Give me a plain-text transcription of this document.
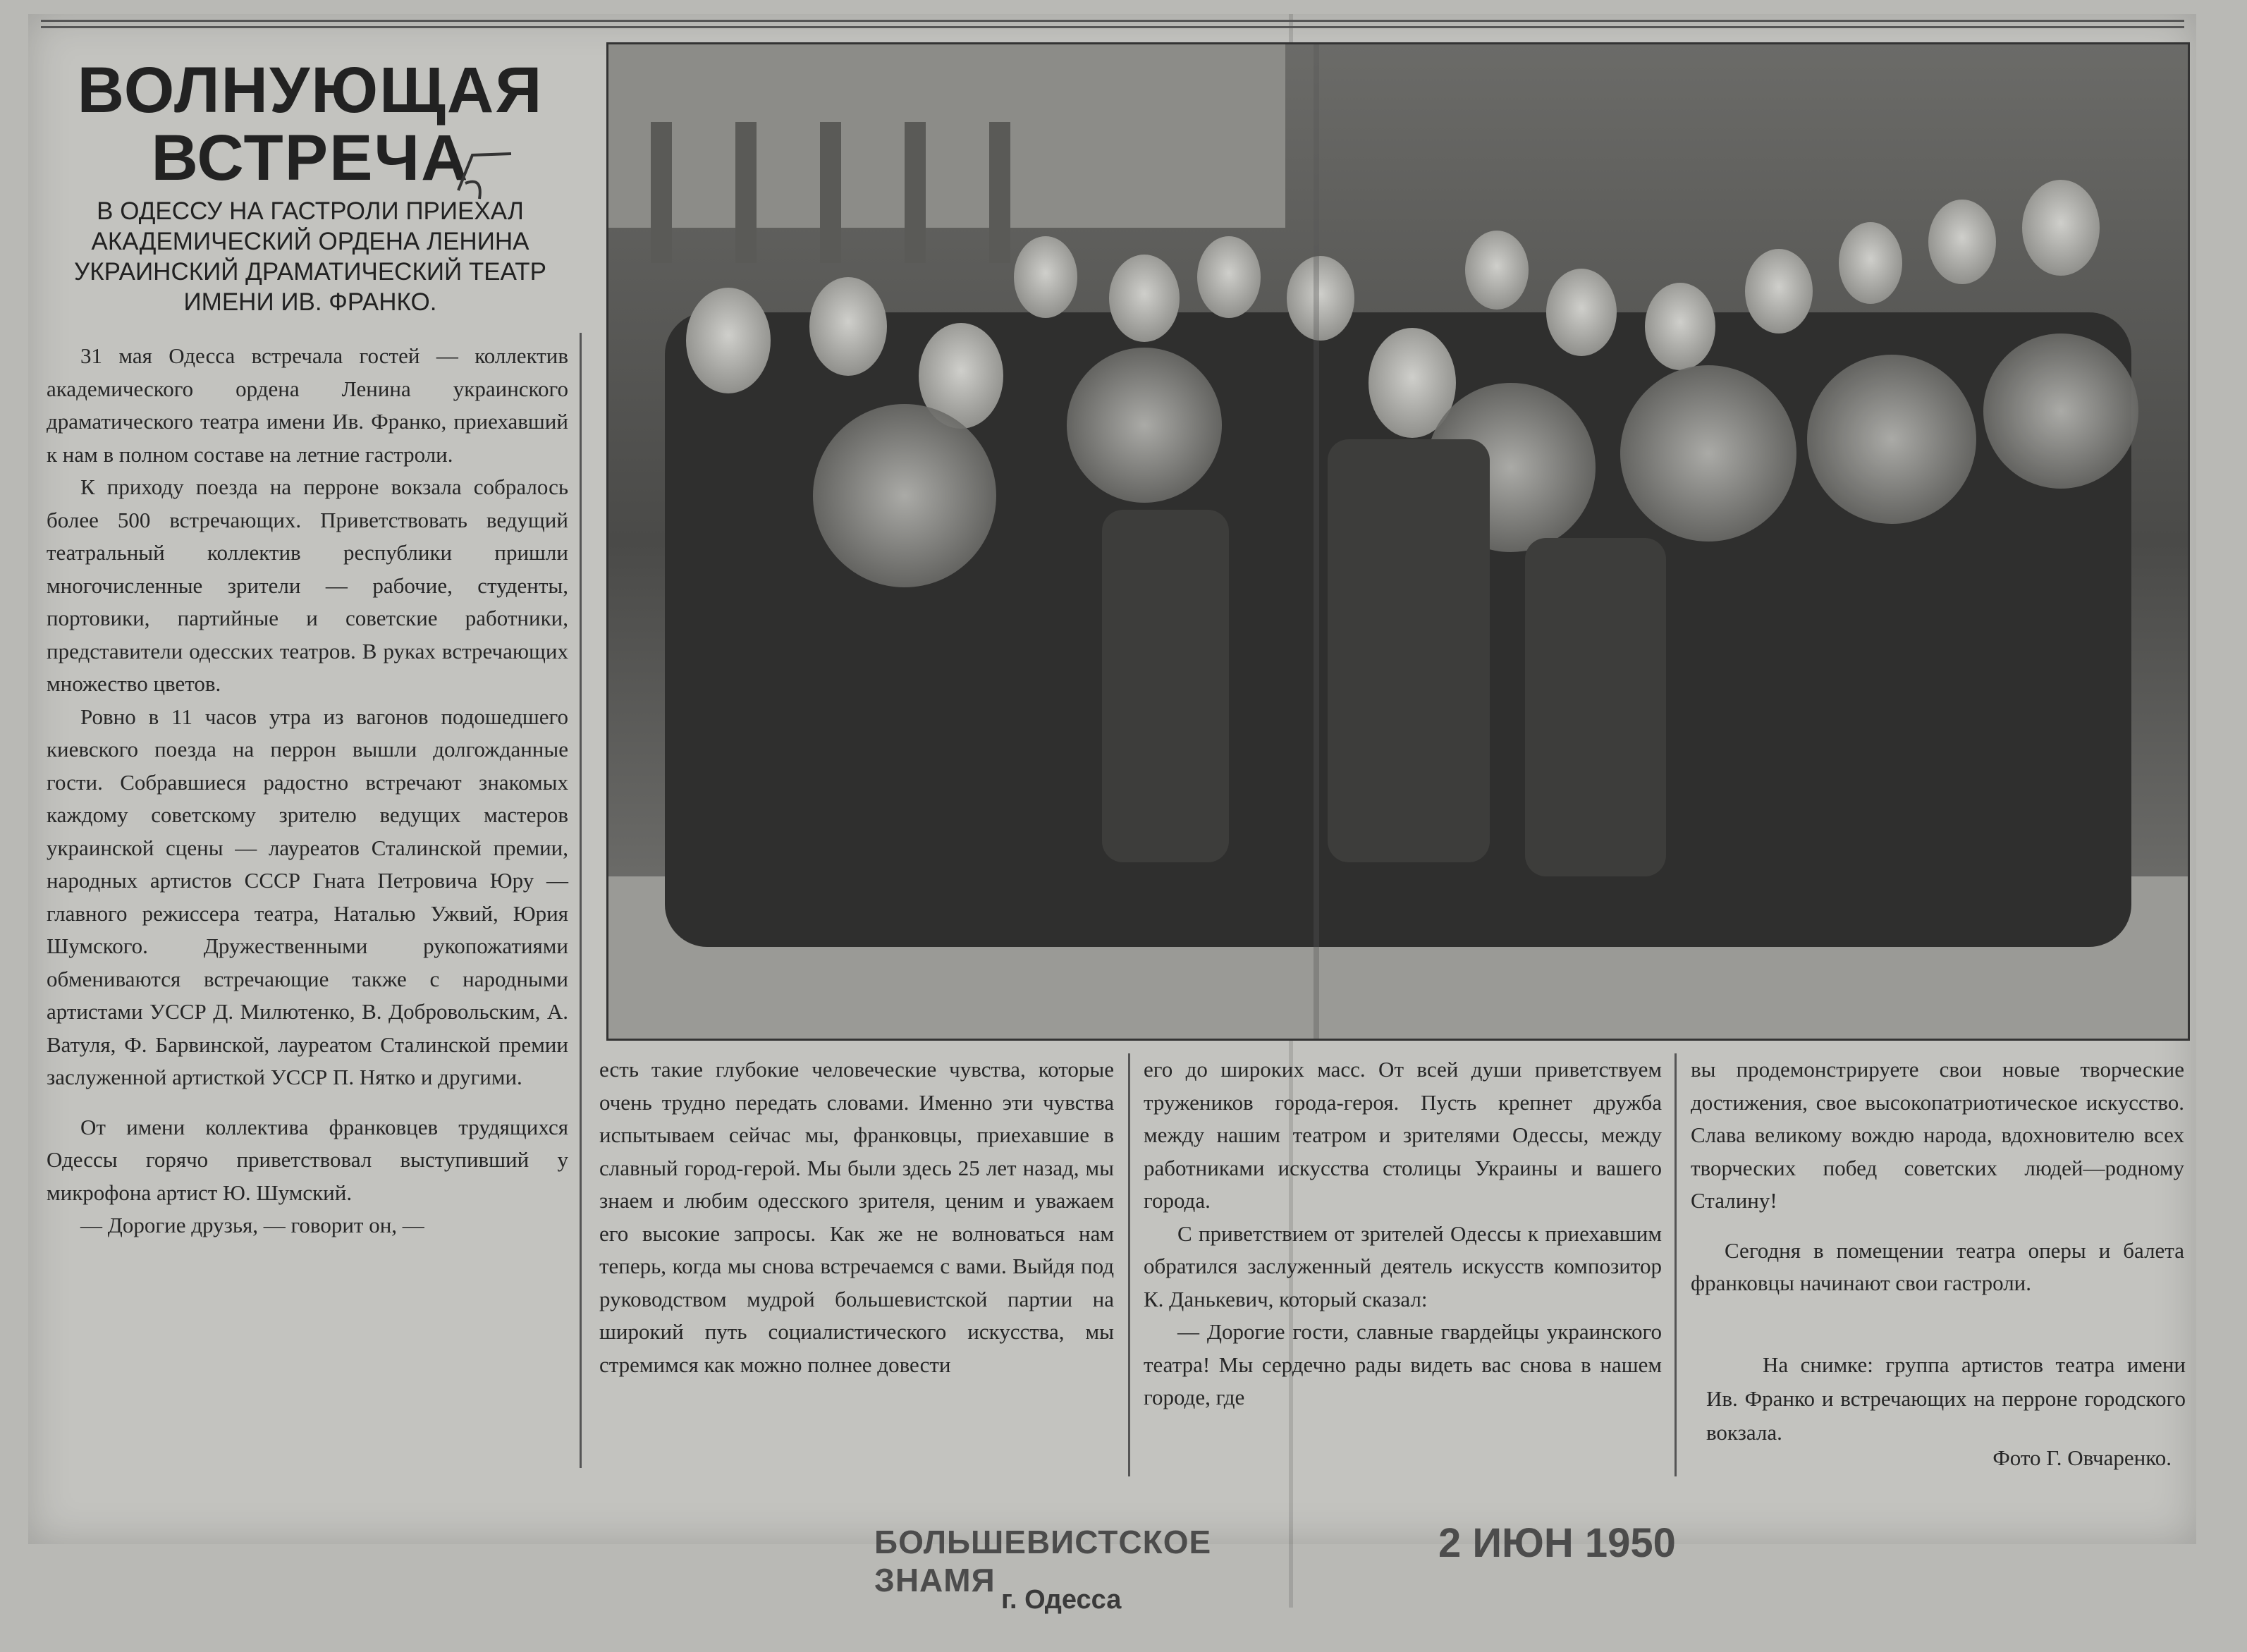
ВОЛНУЮЩАЯ
ВСТРЕЧА
В ОДЕССУ НА ГАСТРОЛИ ПРИЕХАЛ АКАДЕМИЧЕСКИЙ ОРДЕНА ЛЕНИНА УКРАИНСКИЙ ДРАМАТИЧЕСКИЙ ТЕАТР ИМЕНИ ИВ. ФРАНКО.

31 мая Одесса встречала гостей — коллектив академического ордена Ленина украинского драматического театра имени Ив. Франко, приехавший к нам в полном составе на летние гастроли.

К приходу поезда на перроне вокзала собралось более 500 встречающих. Приветствовать ведущий театральный коллектив республики пришли многочисленные зрители — рабочие, студенты, портовики, партийные и советские работники, представители одесских театров. В руках встречающих множество цветов.

Ровно в 11 часов утра из вагонов подошедшего киевского поезда на перрон вышли долгожданные гости. Собравшиеся радостно встречают знакомых каждому советскому зрителю ведущих мастеров украинской сцены — лауреатов Сталинской премии, народных артистов СССР Гната Петровича Юру — главного режиссера театра, Наталью Ужвий, Юрия Шумского. Дружественными рукопожатиями обмениваются встречающие также с народными артистами УССР Д. Милютенко, В. Добровольским, А. Ватуля, Ф. Барвинской, лауреатом Сталинской премии заслуженной артисткой УССР П. Нятко и другими.

От имени коллектива франковцев трудящихся Одессы горячо приветствовал выступивший у микрофона артист Ю. Шумский.

— Дорогие друзья, — говорит он, —

есть такие глубокие человеческие чувства, которые очень трудно передать словами. Именно эти чувства испытываем сейчас мы, франковцы, приехавшие в славный город-герой. Мы были здесь 25 лет назад, мы знаем и любим одесского зрителя, ценим и уважаем его высокие запросы. Как же не волноваться нам теперь, когда мы снова встречаемся с вами. Выйдя под руководством мудрой большевистской партии на широкий путь социалистического искусства, мы стремимся как можно полнее довести

его до широких масс. От всей души приветствуем тружеников города-героя. Пусть крепнет дружба между нашим театром и зрителями Одессы, между работниками искусства столицы Украины и вашего города.

С приветствием от зрителей Одессы к приехавшим обратился заслуженный деятель искусств композитор К. Данькевич, который сказал:

— Дорогие гости, славные гвардейцы украинского театра! Мы сердечно рады видеть вас снова в нашем городе, где

вы продемонстрируете свои новые творческие достижения, свое высокопатриотическое искусство. Слава великому вождю народа, вдохновителю всех творческих побед советских людей—родному Сталину!

Сегодня в помещении театра оперы и балета франковцы начинают свои гастроли.

На снимке: группа артистов театра имени Ив. Франко и встречающих на перроне городского вокзала.
Фото Г. Овчаренко.
БОЛЬШЕВИСТСКОЕ ЗНАМЯ
г. Одесса
2 ИЮН 1950
